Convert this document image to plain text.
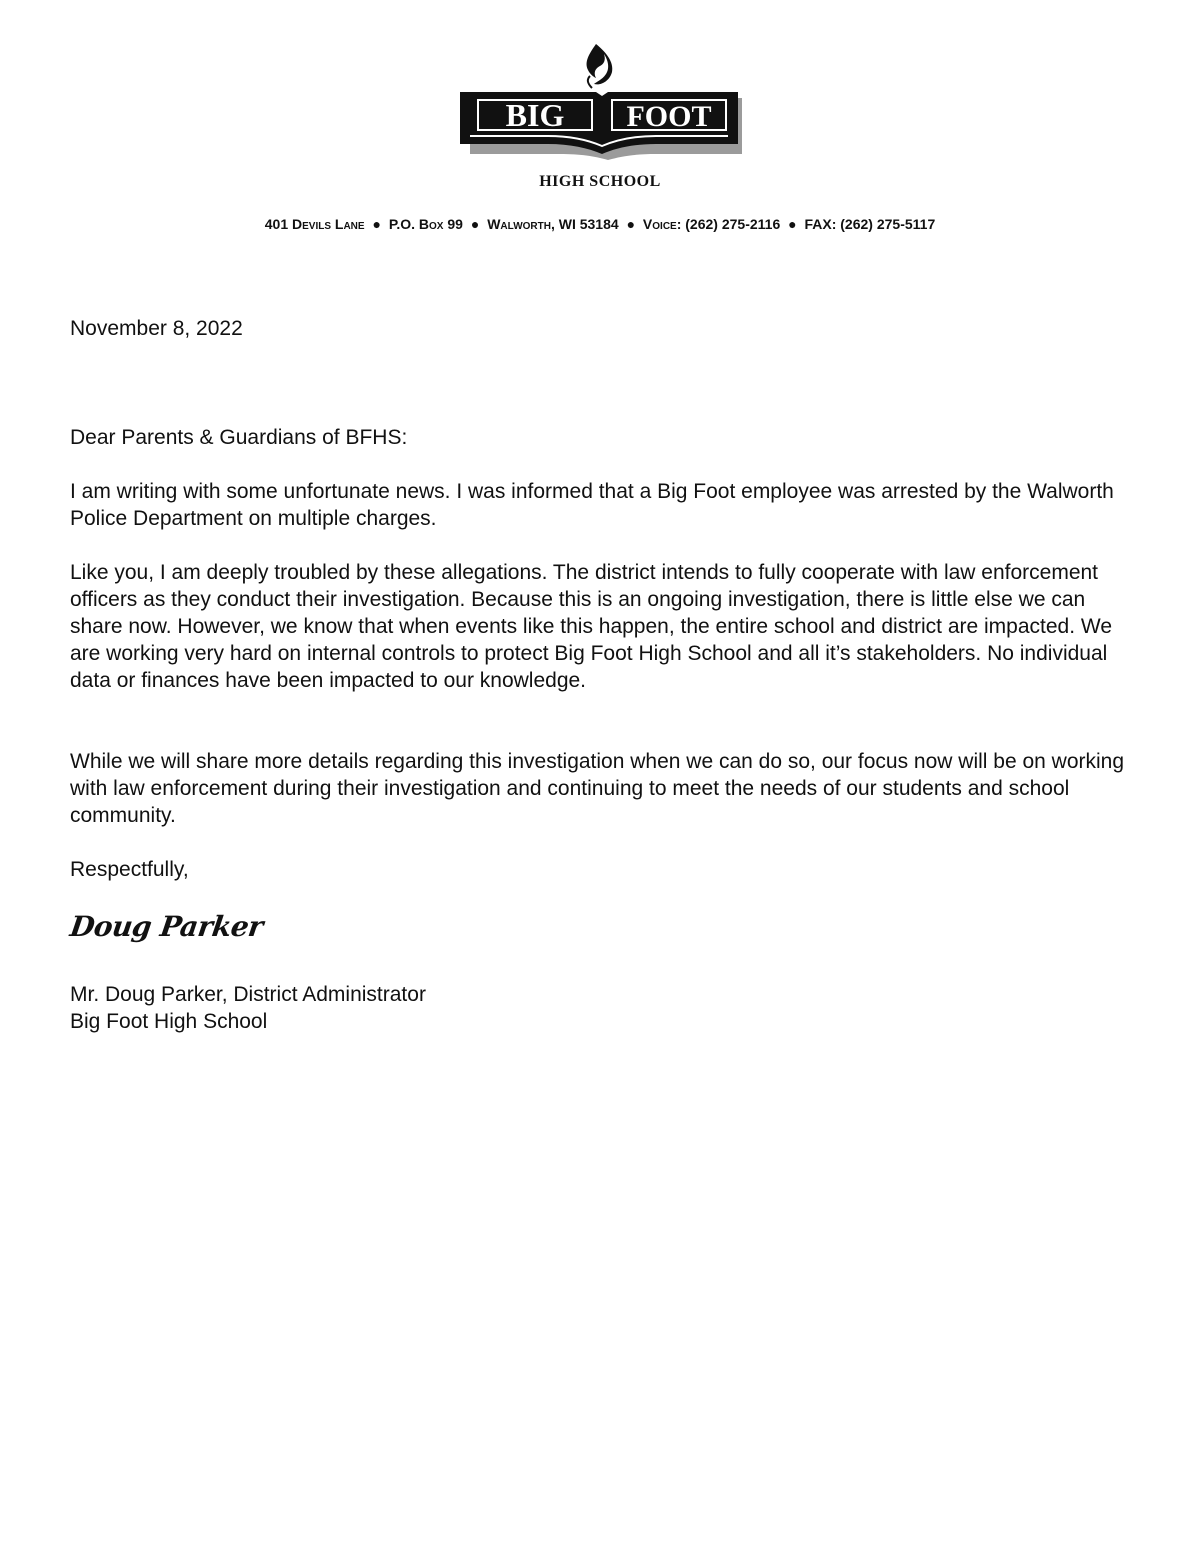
BIG FOOT
HIGH SCHOOL
401 Devils Lane ● P.O. Box 99 ● Walworth, WI 53184 ● Voice: (262) 275-2116 ● FAX: (262) 275-5117
November 8, 2022
Dear Parents & Guardians of BFHS:
I am writing with some unfortunate news. I was informed that a Big Foot employee was arrested by the Walworth Police Department on multiple charges.
Like you, I am deeply troubled by these allegations. The district intends to fully cooperate with law enforcement officers as they conduct their investigation. Because this is an ongoing investigation, there is little else we can share now. However, we know that when events like this happen, the entire school and district are impacted. We are working very hard on internal controls to protect Big Foot High School and all it’s stakeholders. No individual data or finances have been impacted to our knowledge.
While we will share more details regarding this investigation when we can do so, our focus now will be on working with law enforcement during their investigation and continuing to meet the needs of our students and school community.
Respectfully,
Doug Parker
Mr. Doug Parker, District Administrator
Big Foot High School
